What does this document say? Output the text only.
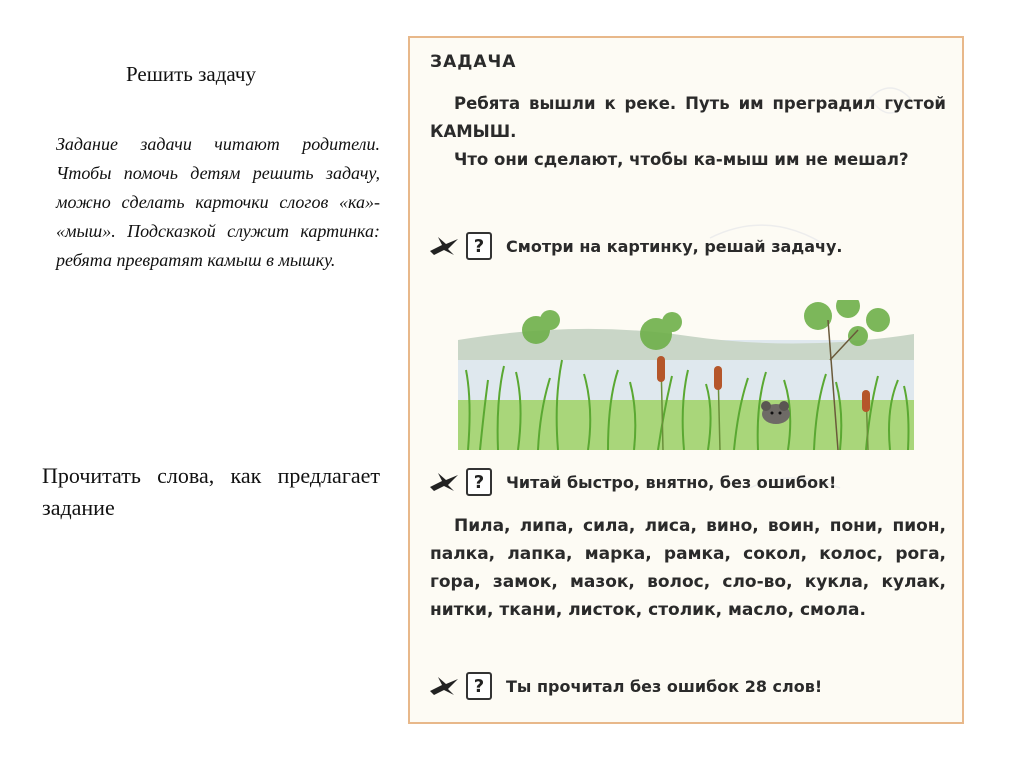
Решить задачу

Задание задачи читают родители. Чтобы помочь детям решить задачу, можно сделать карточки слогов «ка»- «мыш». Подсказкой служит картинка: ребята превратят камыш в мышку.

Прочитать слова, как предлагает задание

ЗАДАЧА
Ребята вышли к реке. Путь им преградил густой КАМЫШ.
Что они сделают, чтобы ка-мыш им не мешал?
?	Смотри на картинку, решай задачу.
?	Читай быстро, внятно, без ошибок!
Пила, липа, сила, лиса, вино, воин, пони, пион, палка, лапка, марка, рамка, сокол, колос, рога, гора, замок, мазок, волос, сло-во, кукла, кулак, нитки, ткани, листок, столик, масло, смола.
?	Ты прочитал без ошибок 28 слов!
